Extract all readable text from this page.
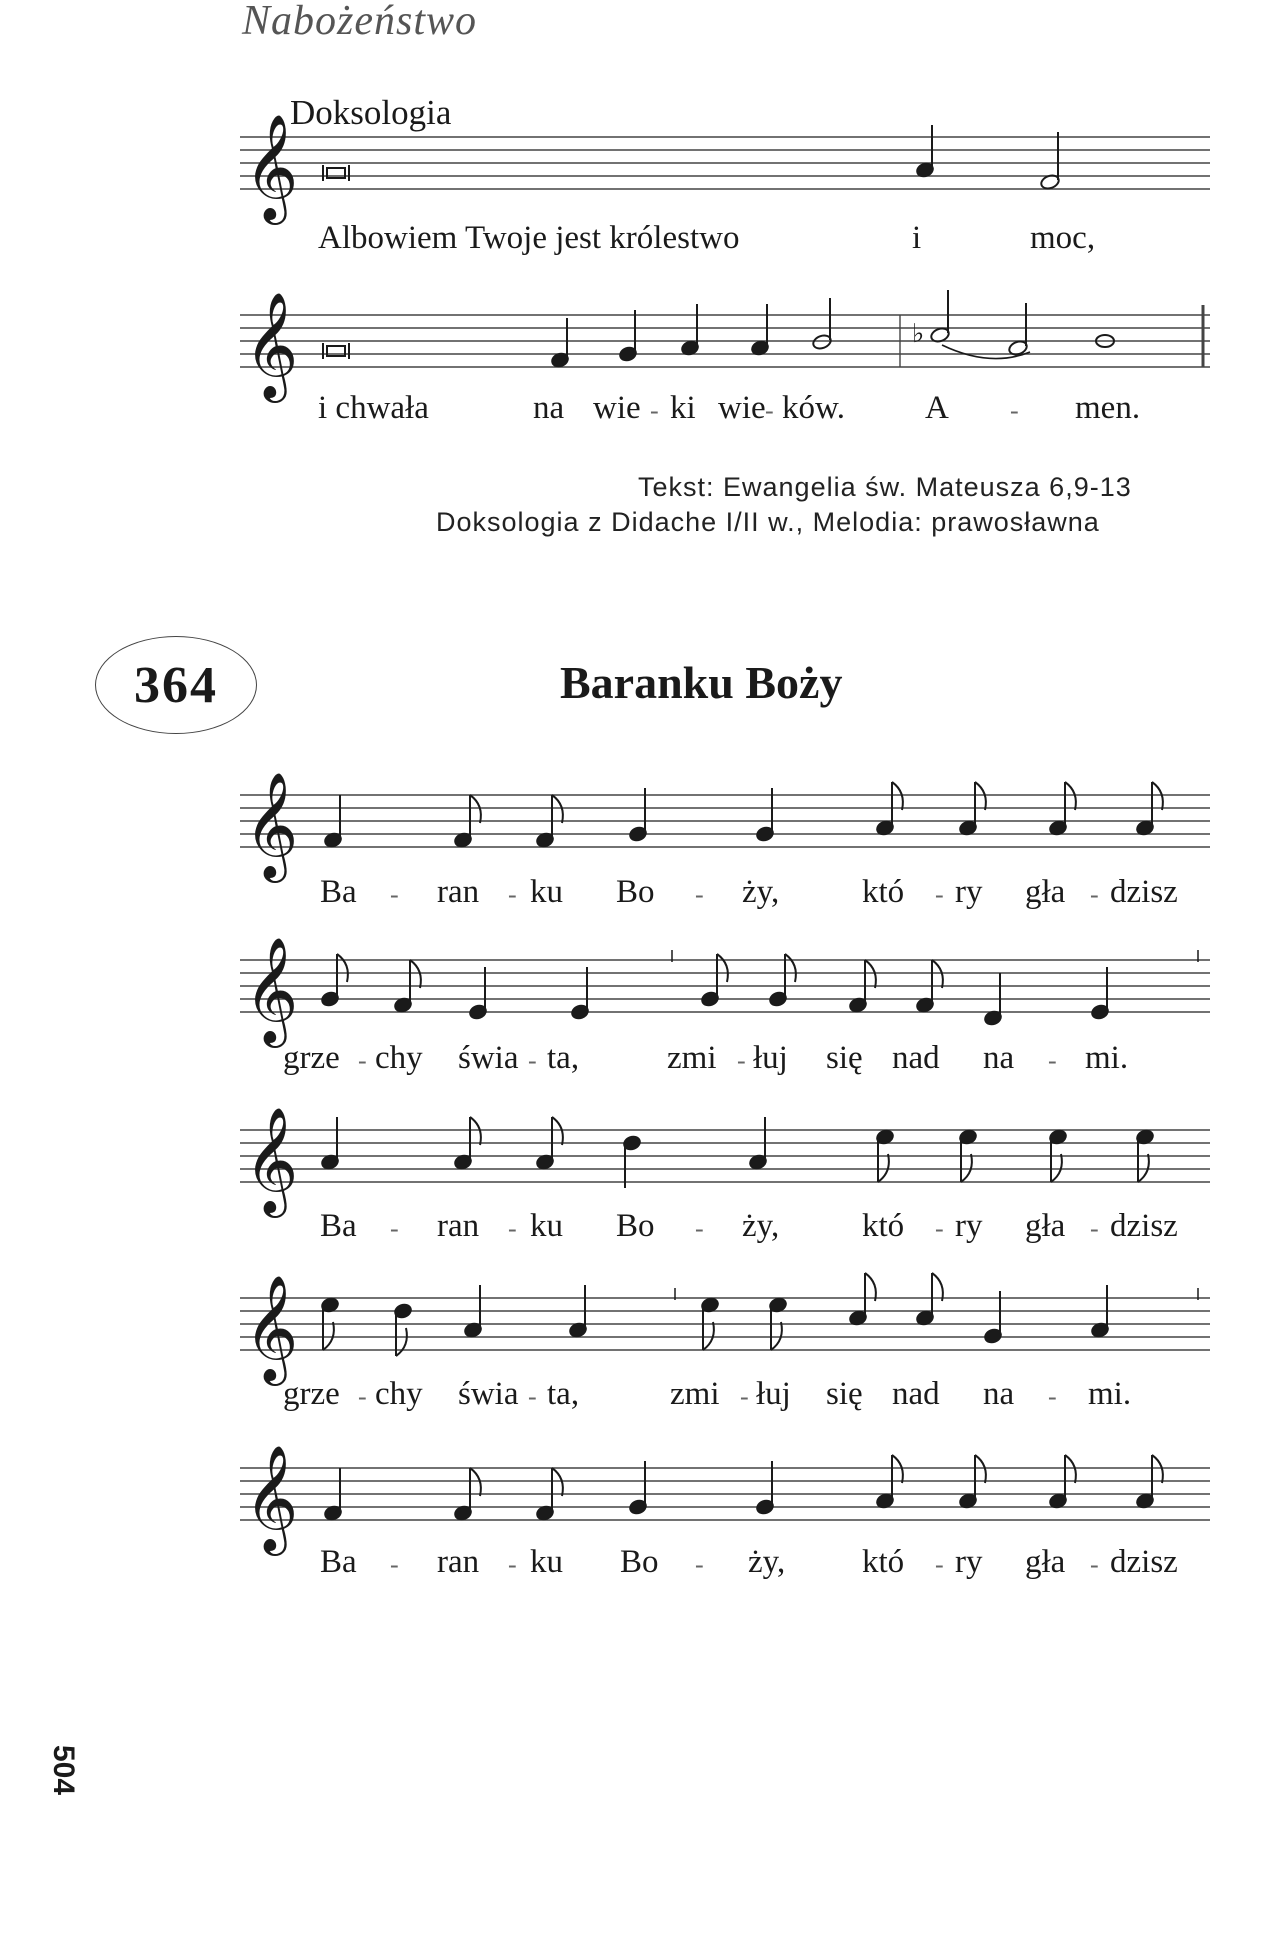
Nabożeństwo
Doksologia
𝄞
𝄞
𝄞
𝄞
𝄞
𝄞
𝄞
♭
Albowiem Twoje jest królestwo	i	moc,
i chwała	na wie - ki wie - ków. A - men.
Tekst: Ewangelia św. Mateusza 6,9-13
Doksologia z Didache I/II w., Melodia: prawosławna
364	Baranku Boży
Ba - ran - ku Bo - ży,	któ - ry gła - dzisz
Ba - ran - ku Bo - ży,	któ - ry gła - dzisz
Ba - ran - ku Bo - ży, któ - ry gła - dzisz
grze - chy świa - ta,	zmi - łuj się nad na - mi.
grze - chy świa - ta,	zmi - łuj się nad na - mi.
504
